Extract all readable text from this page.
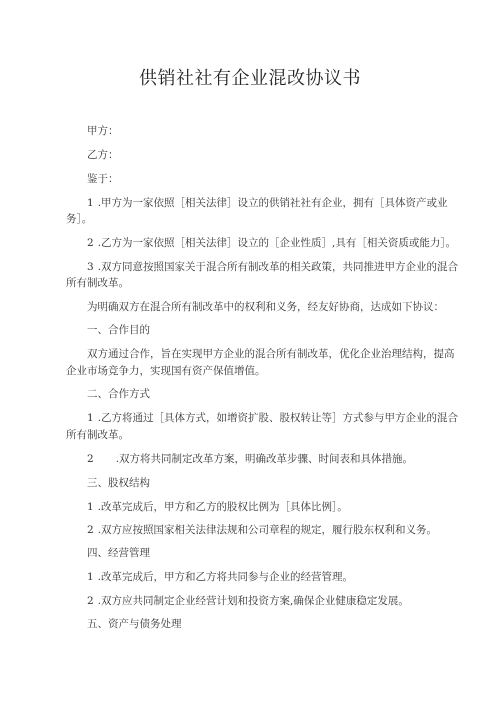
供销社社有企业混改协议书

甲方：

乙方：

鉴于：

1 .甲方为一家依照［相关法律］设立的供销社社有企业，拥有［具体资产或业

务］。

2 .乙方为一家依照［相关法律］设立的［企业性质］,具有［相关资质或能力］。

3 .双方同意按照国家关于混合所有制改革的相关政策，共同推进甲方企业的混合

所有制改革。

为明确双方在混合所有制改革中的权利和义务，经友好协商，达成如下协议：

一、合作目的

双方通过合作，旨在实现甲方企业的混合所有制改革，优化企业治理结构，提高

企业市场竞争力，实现国有资产保值增值。

二、合作方式

1 .乙方将通过［具体方式，如增资扩股、股权转让等］方式参与甲方企业的混合

所有制改革。

2 .双方将共同制定改革方案，明确改革步骤、时间表和具体措施。

三、股权结构

1 .改革完成后，甲方和乙方的股权比例为［具体比例］。

2 .双方应按照国家相关法律法规和公司章程的规定，履行股东权利和义务。

四、经营管理

1 .改革完成后，甲方和乙方将共同参与企业的经营管理。

2 .双方应共同制定企业经营计划和投资方案,确保企业健康稳定发展。

五、资产与债务处理
